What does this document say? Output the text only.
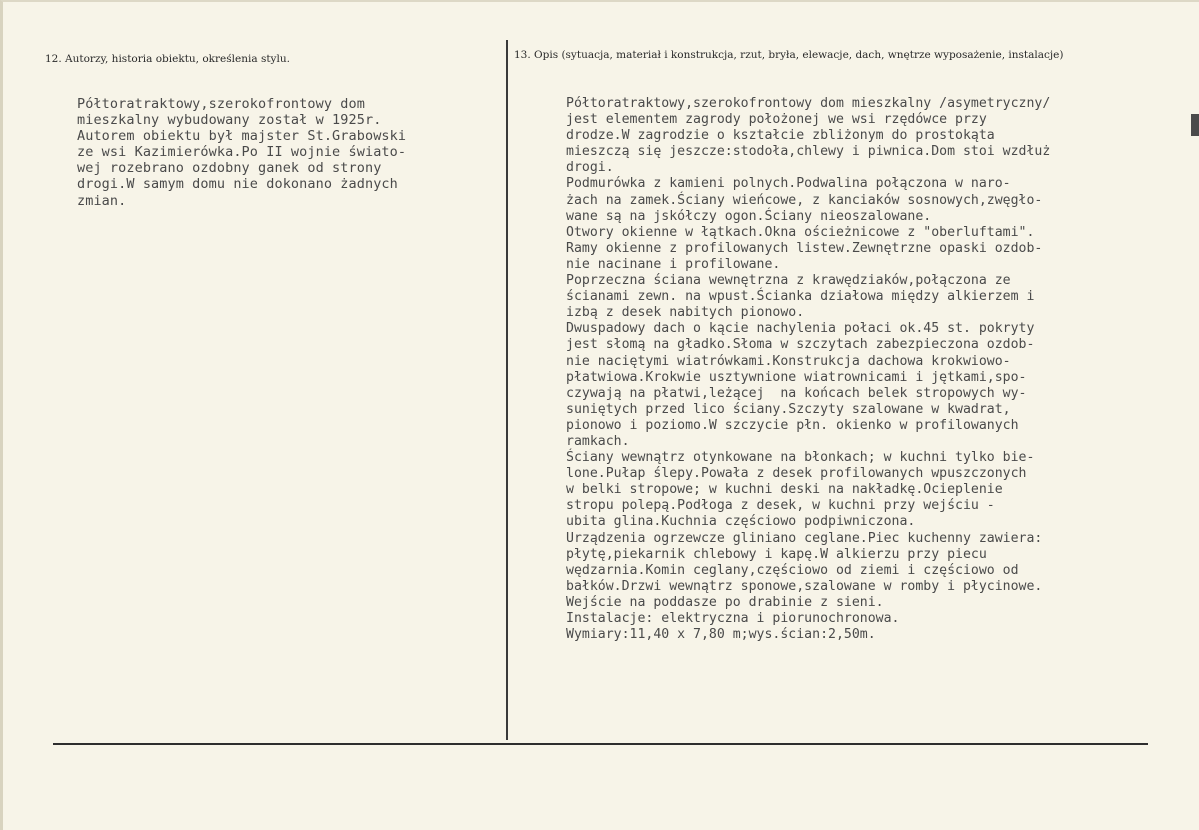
12. Autorzy, historia obiektu, określenia stylu.	13. Opis (sytuacja, materiał i konstrukcja, rzut, bryła, elewacje, dach, wnętrze wyposażenie, instalacje)
Półtoratraktowy,szerokofrontowy dom
mieszkalny wybudowany został w 1925r.
Autorem obiektu był majster St.Grabowski
ze wsi Kazimierówka.Po II wojnie świato-
wej rozebrano ozdobny ganek od strony
drogi.W samym domu nie dokonano żadnych
zmian.
Półtoratraktowy,szerokofrontowy dom mieszkalny /asymetryczny/
jest elementem zagrody położonej we wsi rzędówce przy
drodze.W zagrodzie o kształcie zbliżonym do prostokąta
mieszczą się jeszcze:stodoła,chlewy i piwnica.Dom stoi wzdłuż
drogi.
Podmurówka z kamieni polnych.Podwalina połączona w naro-
żach na zamek.Ściany wieńcowe, z kanciaków sosnowych,zwęgło-
wane są na jskółczy ogon.Ściany nieoszalowane.
Otwory okienne w łątkach.Okna ościeżnicowe z "oberluftami".
Ramy okienne z profilowanych listew.Zewnętrzne opaski ozdob-
nie nacinane i profilowane.
Poprzeczna ściana wewnętrzna z krawędziaków,połączona ze
ścianami zewn. na wpust.Ścianka działowa między alkierzem i
izbą z desek nabitych pionowo.
Dwuspadowy dach o kącie nachylenia połaci ok.45 st. pokryty
jest słomą na gładko.Słoma w szczytach zabezpieczona ozdob-
nie naciętymi wiatrówkami.Konstrukcja dachowa krokwiowo-
płatwiowa.Krokwie usztywnione wiatrownicami i jętkami,spo-
czywają na płatwi,leżącej  na końcach belek stropowych wy-
suniętych przed lico ściany.Szczyty szalowane w kwadrat,
pionowo i poziomo.W szczycie płn. okienko w profilowanych
ramkach.
Ściany wewnątrz otynkowane na błonkach; w kuchni tylko bie-
lone.Pułap ślepy.Powała z desek profilowanych wpuszczonych
w belki stropowe; w kuchni deski na nakładkę.Ocieplenie
stropu polepą.Podłoga z desek, w kuchni przy wejściu -
ubita glina.Kuchnia częściowo podpiwniczona.
Urządzenia ogrzewcze gliniano ceglane.Piec kuchenny zawiera:
płytę,piekarnik chlebowy i kapę.W alkierzu przy piecu
wędzarnia.Komin ceglany,częściowo od ziemi i częściowo od
bałków.Drzwi wewnątrz sponowe,szalowane w romby i płycinowe.
Wejście na poddasze po drabinie z sieni.
Instalacje: elektryczna i piorunochronowa.
Wymiary:11,40 x 7,80 m;wys.ścian:2,50m.
